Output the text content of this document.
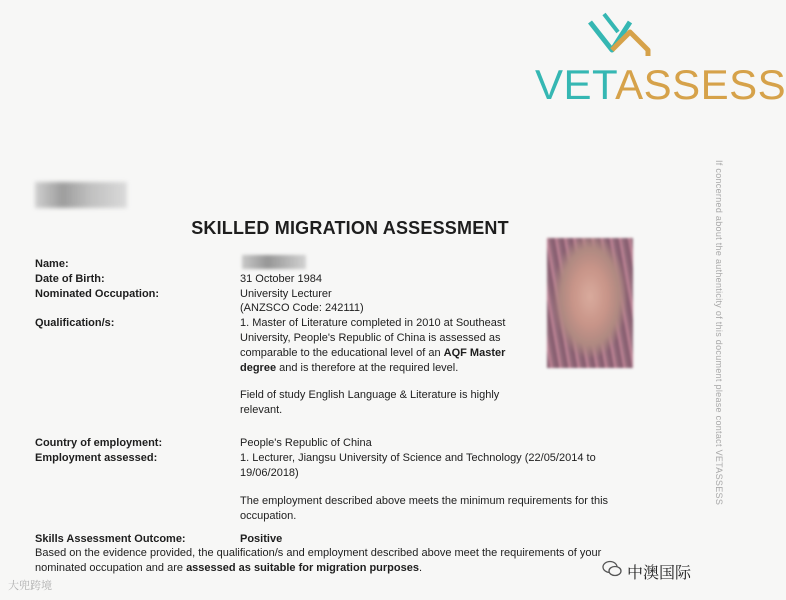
VETASSESS
SKILLED MIGRATION ASSESSMENT
Name:
Date of Birth:
Nominated Occupation:
Qualification/s:
Country of employment:
Employment assessed:
Skills Assessment Outcome:
31 October 1984
University Lecturer
(ANZSCO Code: 242111)
1. Master of Literature completed in 2010 at Southeast University, People's Republic of China is assessed as comparable to the educational level of an AQF Master degree and is therefore at the required level.
Field of study English Language & Literature is highly relevant.
People's Republic of China
1. Lecturer, Jiangsu University of Science and Technology (22/05/2014 to 19/06/2018)
The employment described above meets the minimum requirements for this occupation.
Positive
Based on the evidence provided, the qualification/s and employment described above meet the requirements of your nominated occupation and are assessed as suitable for migration purposes.
If concerned about the authenticity of this document please contact VETASSESS
大兜跨境
中澳国际
